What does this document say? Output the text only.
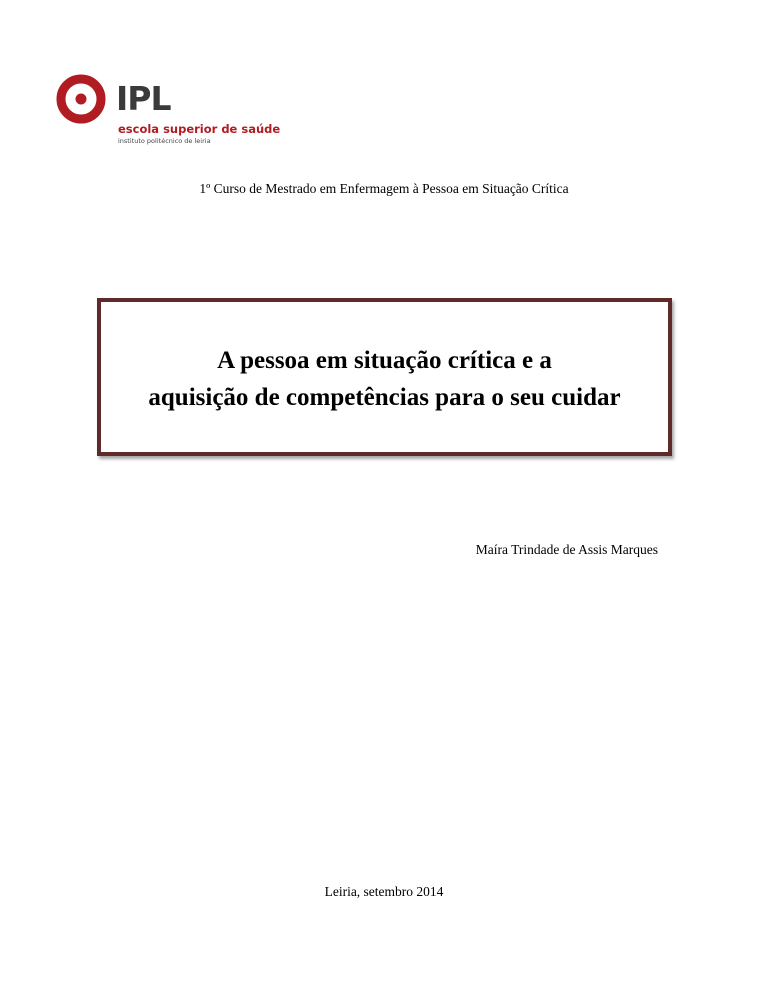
IPL
escola superior de saúde
instituto politécnico de leiria
1º Curso de Mestrado em Enfermagem à Pessoa em Situação Crítica
A pessoa em situação crítica e a
aquisição de competências para o seu cuidar
Maíra Trindade de Assis Marques
Leiria, setembro 2014
